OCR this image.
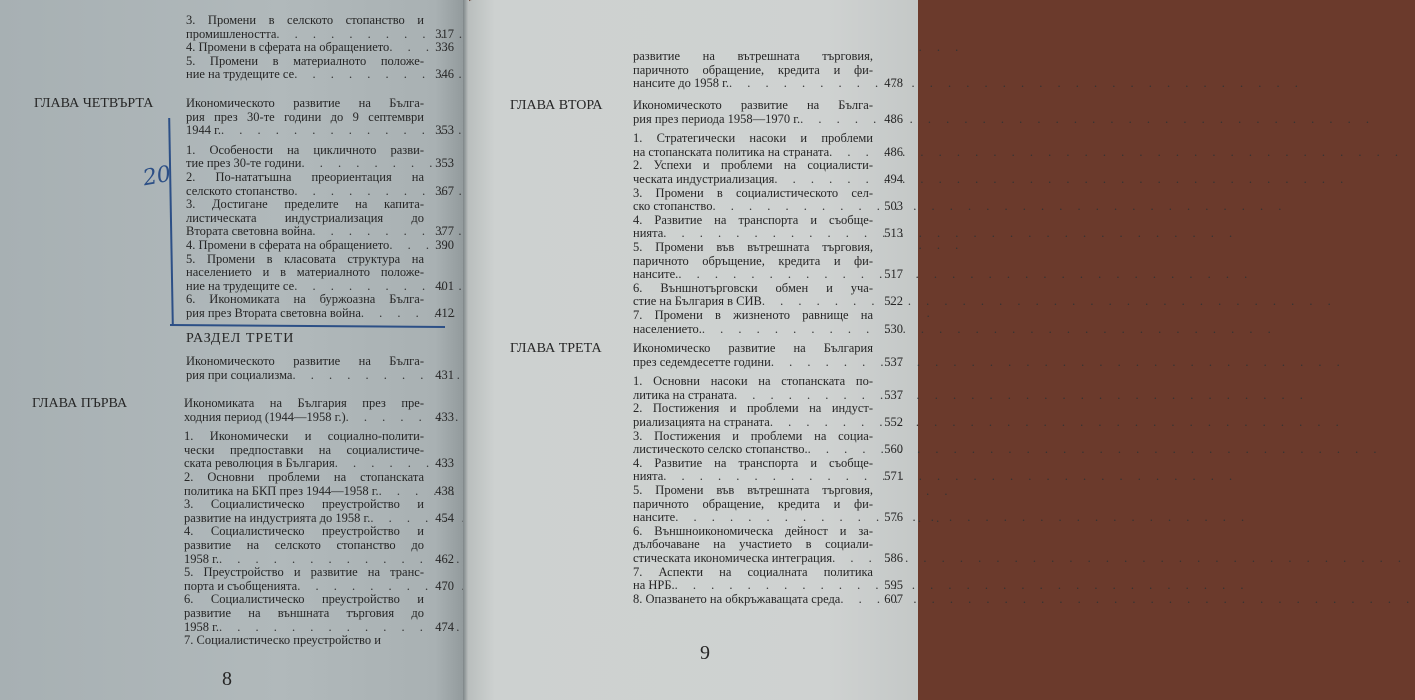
3. Промени в селското стопанство и
промишлеността . . .	317
4. Промени в сферата на обращението . . .	336
5. Промени в материалното положе-
ние на трудещите се . . .	346
ГЛАВА ЧЕТВЪРТА	Икономическото развитие на Бълга-
рия през 30-те години до 9 септември
1944 г. . . .	353
1. Особености на цикличното разви-
тие през 30-те години . . .	353
2. По-нататъшна преориентация на
селското стопанство . . .	367
3. Достигане пределите на капита-
листическата индустриализация до
Втората световна война . . .	377
4. Промени в сферата на обращението . . .	390
5. Промени в класовата структура на
населението и в материалното положе-
ние на трудещите се . . .	401
6. Икономиката на буржоазна Бълга-
рия през Втората световна война . . .	412
РАЗДЕЛ ТРЕТИ
Икономическото развитие на Бълга-
рия при социализма . . .	431
ГЛАВА ПЪРВА	Икономиката на България през пре-
ходния период (1944—1958 г.) . . .	433
1. Икономически и социално-полити-
чески предпоставки на социалистиче-
ската революция в България . . .	433
2. Основни проблеми на стопанската
политика на БКП през 1944—1958 г. . . .	438
3. Социалистическо преустройство и
развитие на индустрията до 1958 г. . . .	454
4. Социалистическо преустройство и
развитие на селското стопанство до
1958 г. . . .	462
5. Преустройство и развитие на транс-
порта и съобщенията . . .	470
6. Социалистическо преустройство и
развитие на външната търговия до
1958 г. . . .	474
7. Социалистическо преустройство и
20
8
развитие на вътрешната търговия,
паричното обращение, кредита и фи-
нансите до 1958 г. . . .	478
ГЛАВА ВТОРА Икономическото развитие на Бълга-
рия през периода 1958—1970 г. . . .	486
1. Стратегически насоки и проблеми
на стопанската политика на страната . . .	486
2. Успехи и проблеми на социалисти-
ческата индустриализация . . .	494
3. Промени в социалистическото сел-
ско стопанство . . .	503
4. Развитие на транспорта и съобще-
нията . . .	513
5. Промени във вътрешната търговия,
паричното обръщение, кредита и фи-
нансите. . . .	517
6. Външнотърговски обмен и уча-
стие на България в СИВ . . .	522
7. Промени в жизненото равнище на
населението. . . .	530
ГЛАВА ТРЕТА	Икономическо развитие на България
през седемдесетте години . . .	537
1. Основни насоки на стопанската по-
литика на страната . . .	537
2. Постижения и проблеми на индуст-
риализацията на страната . . .	552
3. Постижения и проблеми на социа-
листическото селско стопанство. . . .	560
4. Развитие на транспорта и съобще-
нията . . .	571
5. Промени във вътрешната търговия,
паричното обращение, кредита и фи-
нансите . . .	576
6. Външноикономическа дейност и за-
дълбочаване на участието в социали-
стическата икономическа интеграция . . .	586
7. Аспекти на социалната политика
на НРБ. . . .	595
8. Опазването на обкръжаващата среда . . .	607
9
